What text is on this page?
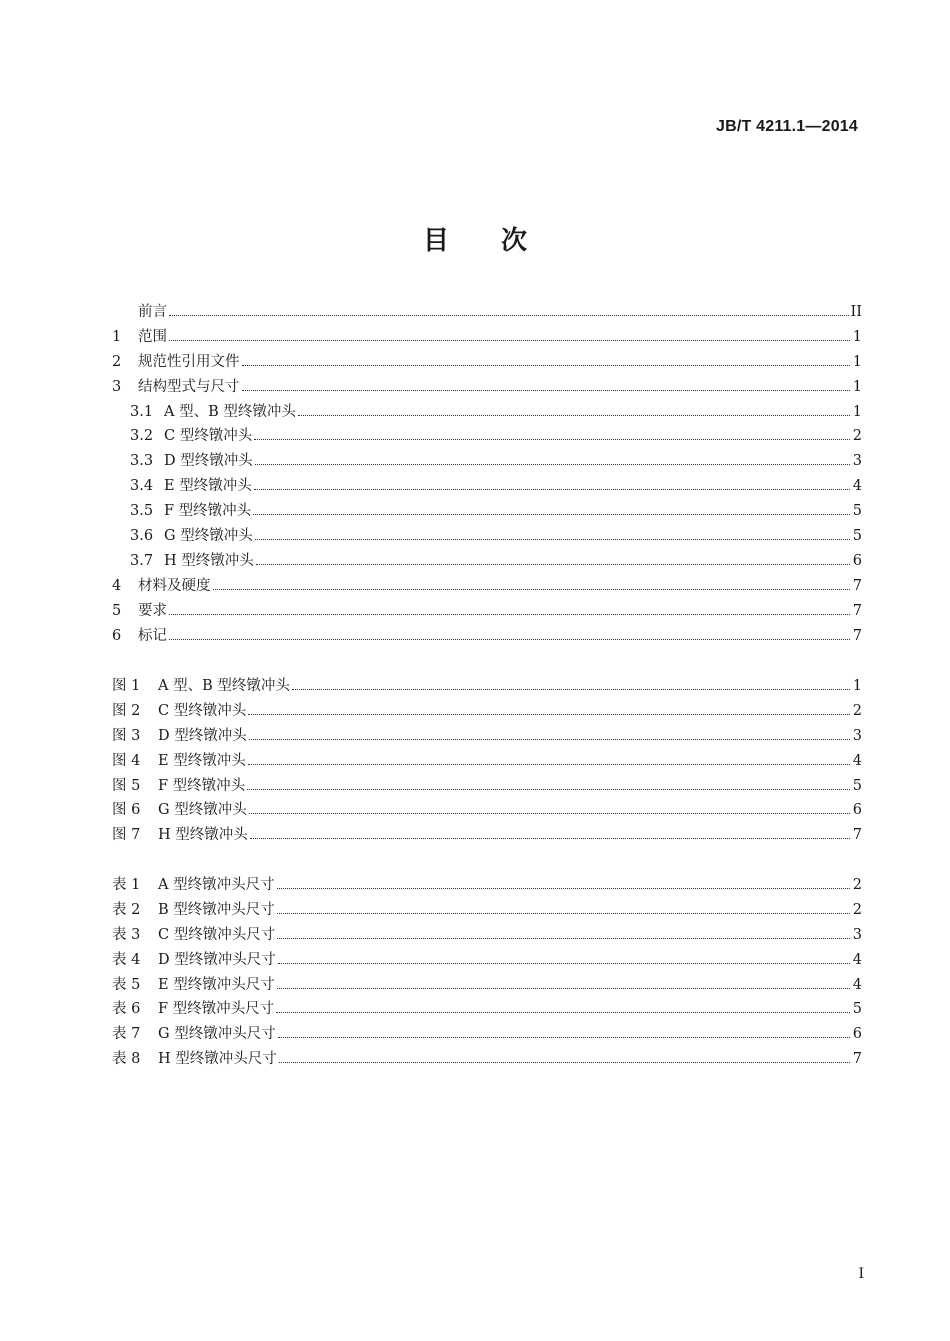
JB/T 4211.1—2014
目次
前言	II
1	范围	1
2	规范性引用文件	1
3	结构型式与尺寸	1
3.1 A 型、B 型终镦冲头	1
3.2 C 型终镦冲头	2
3.3 D 型终镦冲头	3
3.4 E 型终镦冲头	4
3.5 F 型终镦冲头	5
3.6 G 型终镦冲头	5
3.7 H 型终镦冲头	6
4	材料及硬度	7
5	要求	7
6	标记	7
图 1	A 型、B 型终镦冲头	1
图 2	C 型终镦冲头	2
图 3	D 型终镦冲头	3
图 4	E 型终镦冲头	4
图 5	F 型终镦冲头	5
图 6	G 型终镦冲头	6
图 7	H 型终镦冲头	7
表 1	A 型终镦冲头尺寸	2
表 2	B 型终镦冲头尺寸	2
表 3	C 型终镦冲头尺寸	3
表 4	D 型终镦冲头尺寸	4
表 5	E 型终镦冲头尺寸	4
表 6	F 型终镦冲头尺寸	5
表 7	G 型终镦冲头尺寸	6
表 8	H 型终镦冲头尺寸	7
I
